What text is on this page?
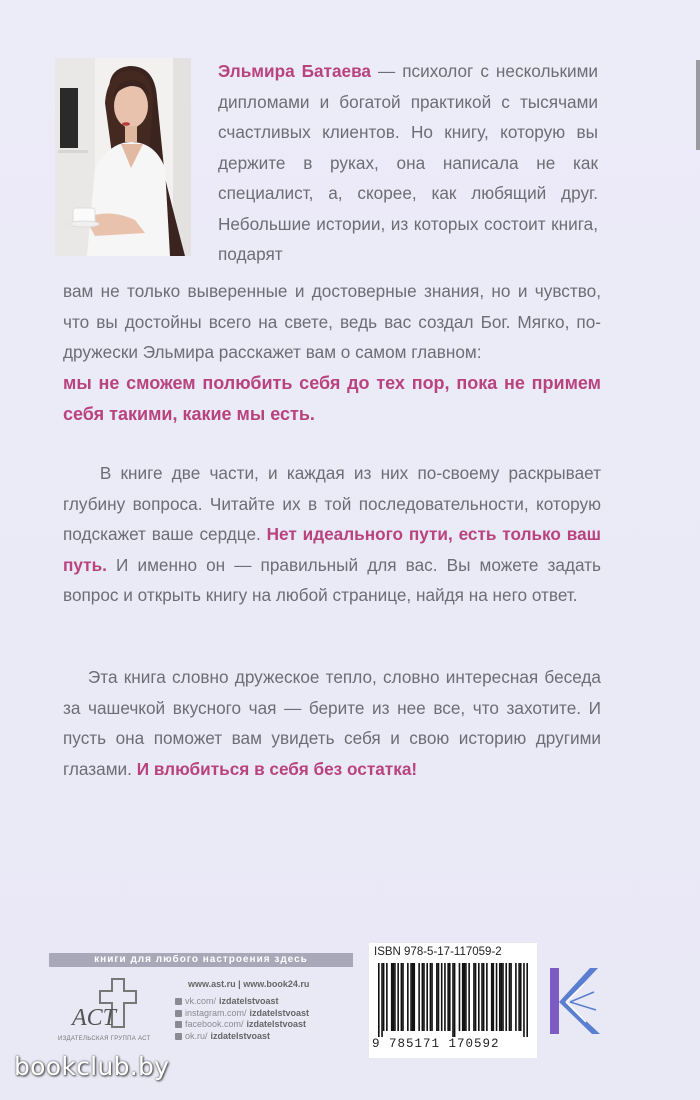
Эльмира Батаева — психолог с несколькими дипломами и богатой практикой с тысячами счастливых клиентов. Но книгу, которую вы держите в руках, она написала не как специалист, а, скорее, как любящий друг. Небольшие истории, из которых состоит книга, подарят
вам не только выверенные и достоверные знания, но и чувство, что вы достойны всего на свете, ведь вас создал Бог. Мягко, по-дружески Эльмира расскажет вам о самом главном:
мы не сможем полюбить себя до тех пор, пока не примем себя такими, какие мы есть.
В книге две части, и каждая из них по-своему раскрывает глубину вопроса. Читайте их в той последовательности, которую подскажет ваше сердце. Нет идеального пути, есть только ваш путь. И именно он — правильный для вас. Вы можете задать вопрос и открыть книгу на любой странице, найдя на него ответ.
Эта книга словно дружеское тепло, словно интересная беседа за чашечкой вкусного чая — берите из нее все, что захотите. И пусть она поможет вам увидеть себя и свою историю другими глазами. И влюбиться в себя без остатка!
книги для любого настроения здесь
ACT
ИЗДАТЕЛЬСКАЯ ГРУППА АСТ
www.ast.ru | www.book24.ru
vk.com/ izdatelstvoast
instagram.com/ izdatelstvoast
facebook.com/ izdatelstvoast
ok.ru/ izdatelstvoast
ISBN 978-5-17-117059-2
9 785171 170592
bookclub.by
